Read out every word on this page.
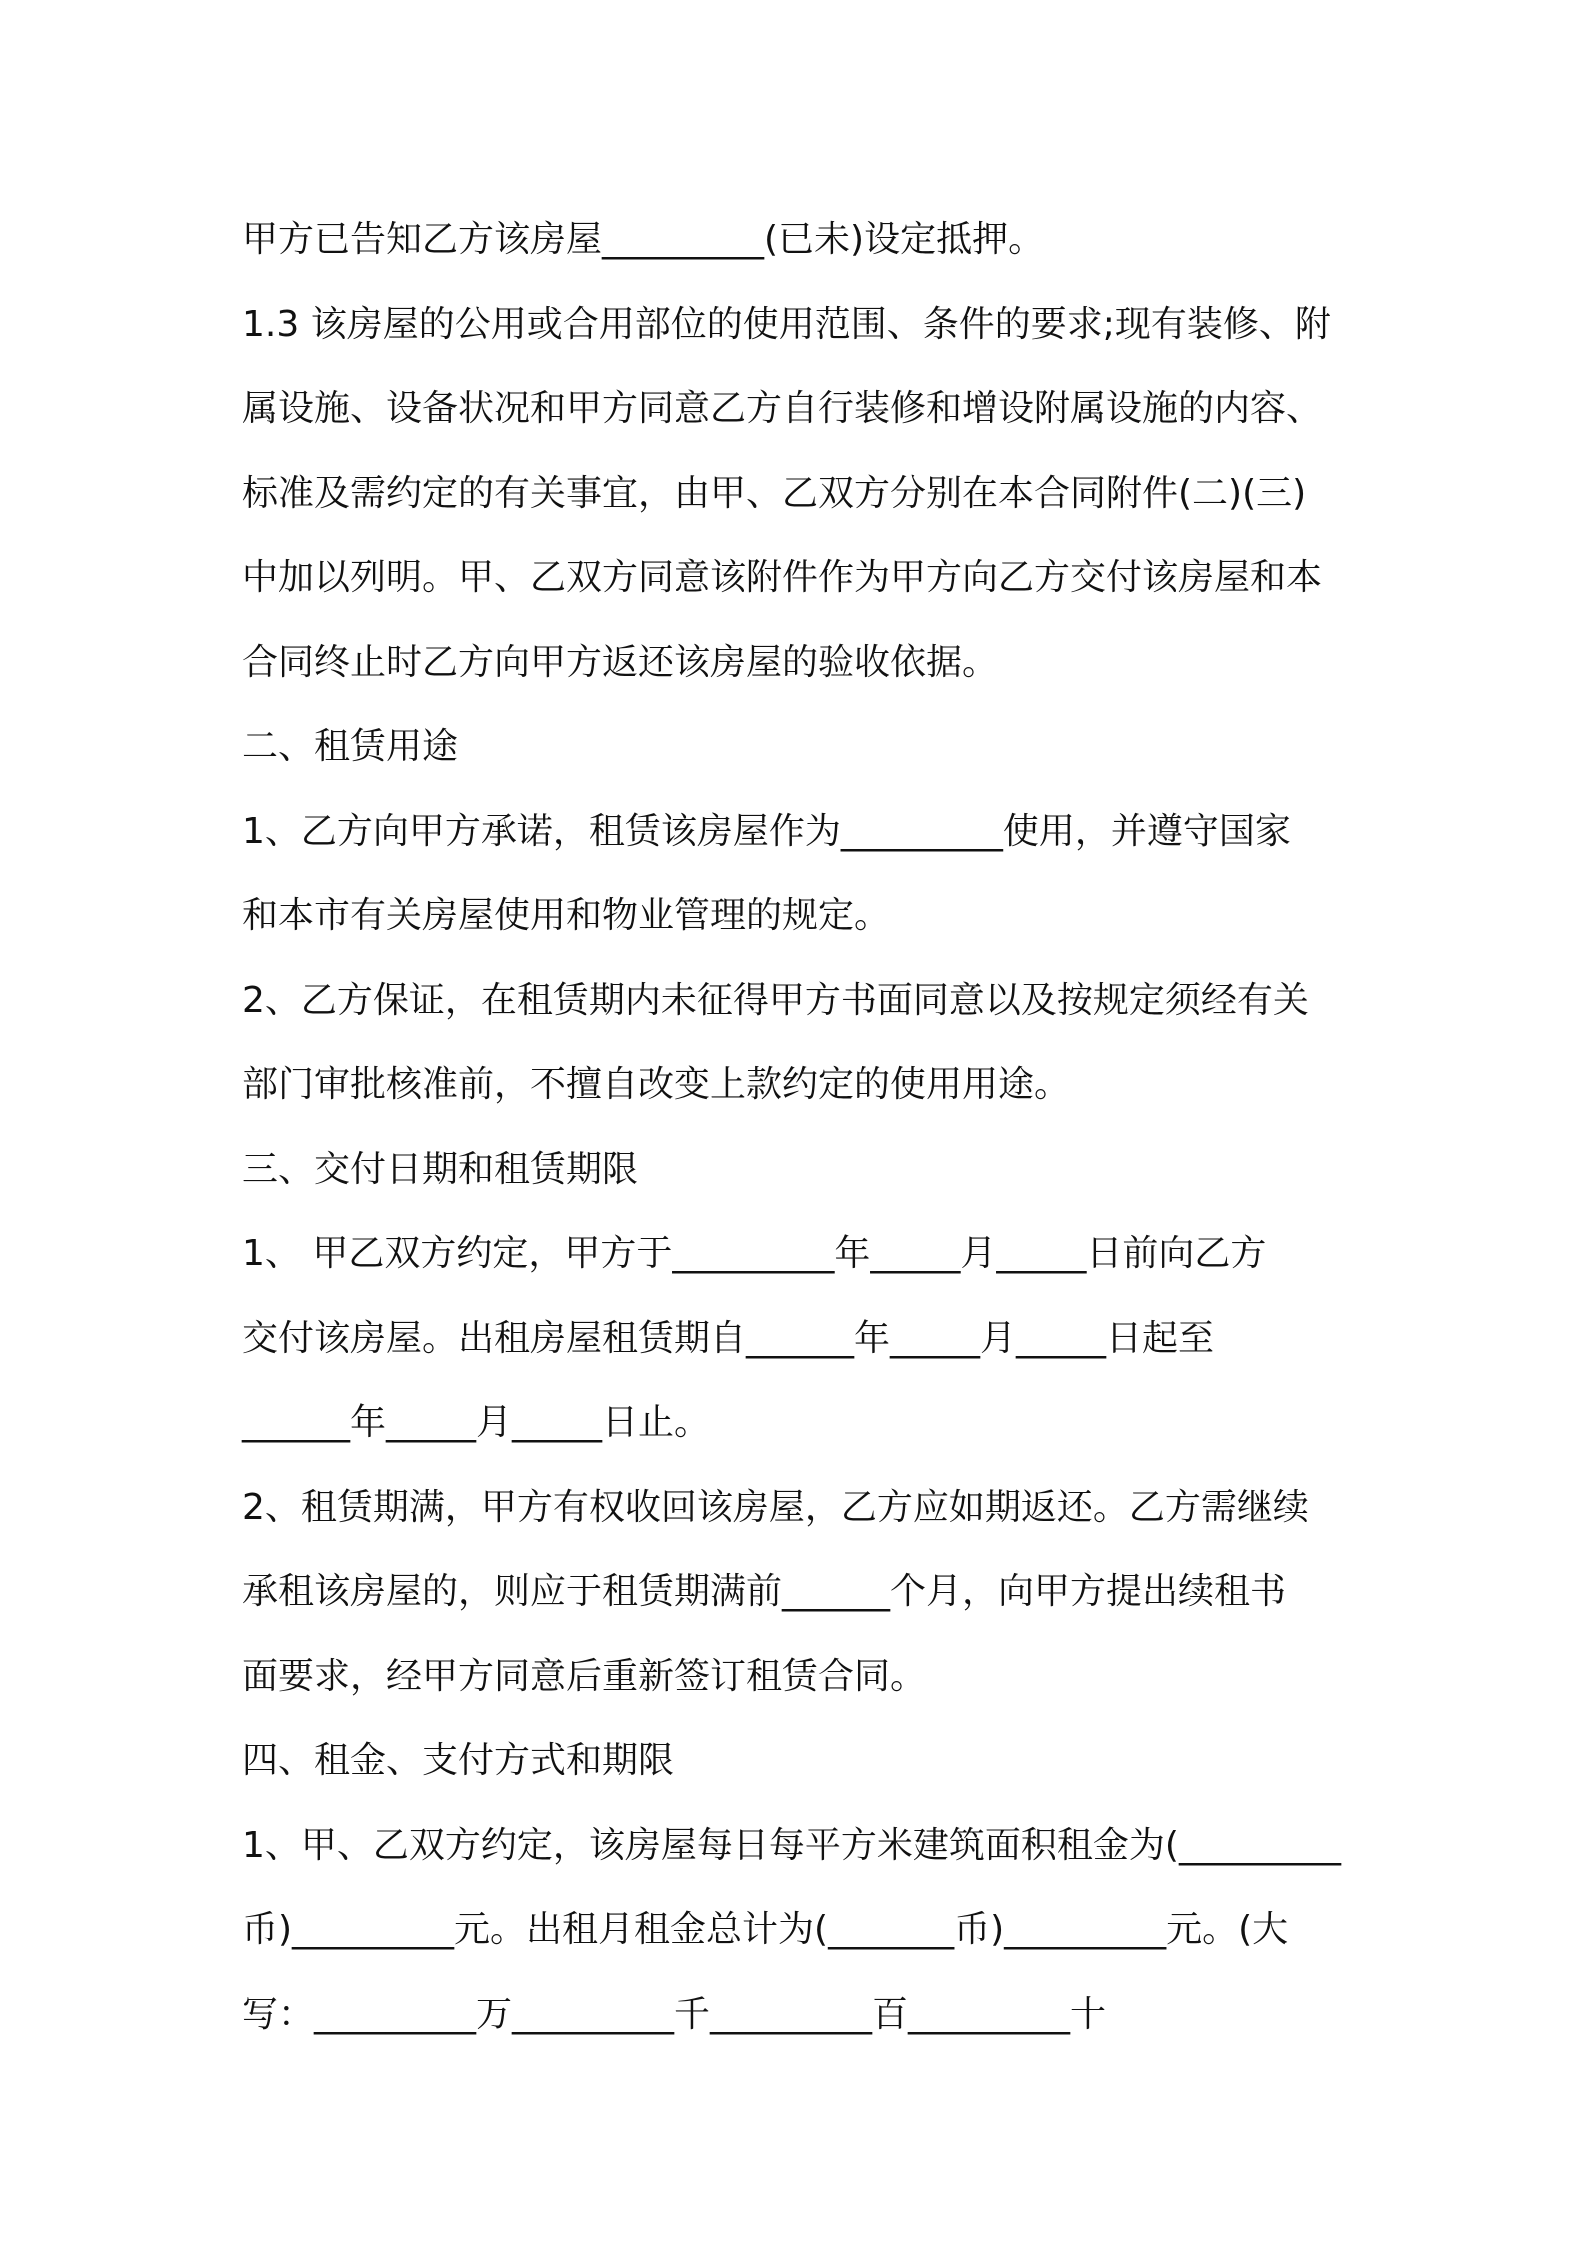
甲方已告知乙方该房屋_________(已未)设定抵押。
1.3 该房屋的公用或合用部位的使用范围、条件的要求;现有装修、附
属设施、设备状况和甲方同意乙方自行装修和增设附属设施的内容、
标准及需约定的有关事宜，由甲、乙双方分别在本合同附件(二)(三)
中加以列明。甲、乙双方同意该附件作为甲方向乙方交付该房屋和本
合同终止时乙方向甲方返还该房屋的验收依据。
二、租赁用途
1、乙方向甲方承诺，租赁该房屋作为_________使用，并遵守国家
和本市有关房屋使用和物业管理的规定。
2、乙方保证，在租赁期内未征得甲方书面同意以及按规定须经有关
部门审批核准前，不擅自改变上款约定的使用用途。
三、交付日期和租赁期限
1、 甲乙双方约定，甲方于_________年_____月_____日前向乙方
交付该房屋。出租房屋租赁期自______年_____月_____日起至
______年_____月_____日止。
2、租赁期满，甲方有权收回该房屋，乙方应如期返还。乙方需继续
承租该房屋的，则应于租赁期满前______个月，向甲方提出续租书
面要求，经甲方同意后重新签订租赁合同。
四、租金、支付方式和期限
1、甲、乙双方约定，该房屋每日每平方米建筑面积租金为(_________
币)_________元。出租月租金总计为(_______币)_________元。(大
写：_________万_________千_________百_________十
